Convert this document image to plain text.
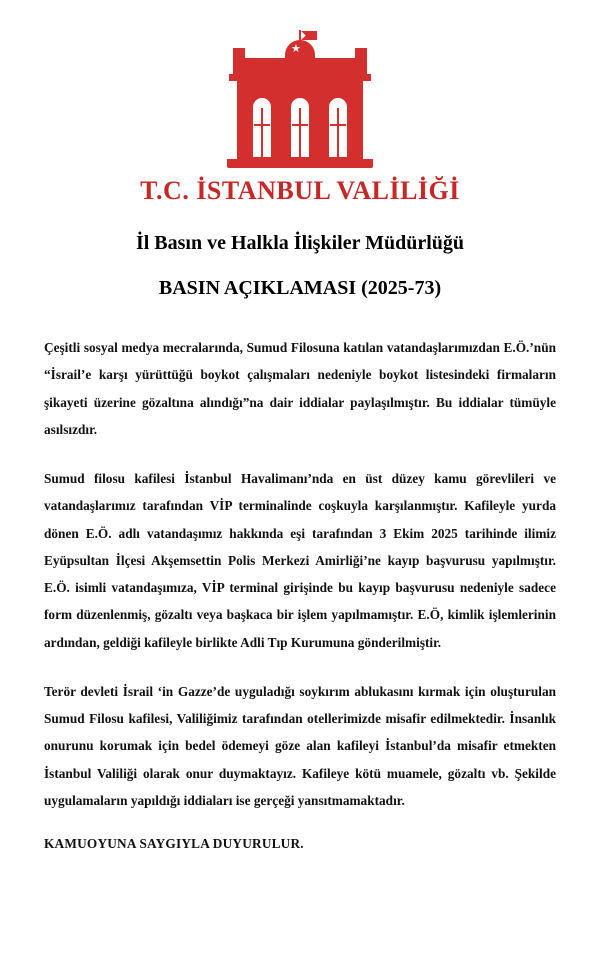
★
T.C. İSTANBUL VALİLİĞİ
İl Basın ve Halkla İlişkiler Müdürlüğü
BASIN AÇIKLAMASI (2025-73)

Çeşitli sosyal medya mecralarında, Sumud Filosuna katılan vatandaşlarımızdan E.Ö.’nün “İsrail’e karşı yürüttüğü boykot çalışmaları nedeniyle boykot listesindeki firmaların şikayeti üzerine gözaltına alındığı”na dair iddialar paylaşılmıştır. Bu iddialar tümüyle asılsızdır.

Sumud filosu kafilesi İstanbul Havalimanı’nda en üst düzey kamu görevlileri ve vatandaşlarımız tarafından VİP terminalinde coşkuyla karşılanmıştır. Kafileyle yurda dönen E.Ö. adlı vatandaşımız hakkında eşi tarafından 3 Ekim 2025 tarihinde ilimiz Eyüpsultan İlçesi Akşemsettin Polis Merkezi Amirliği’ne kayıp başvurusu yapılmıştır. E.Ö. isimli vatandaşımıza, VİP terminal girişinde bu kayıp başvurusu nedeniyle sadece form düzenlenmiş, gözaltı veya başkaca bir işlem yapılmamıştır. E.Ö, kimlik işlemlerinin ardından, geldiği kafileyle birlikte Adli Tıp Kurumuna gönderilmiştir.

Terör devleti İsrail ‘in Gazze’de uyguladığı soykırım ablukasını kırmak için oluşturulan Sumud Filosu kafilesi, Valiliğimiz tarafından otellerimizde misafir edilmektedir. İnsanlık onurunu korumak için bedel ödemeyi göze alan kafileyi İstanbul’da misafir etmekten İstanbul Valiliği olarak onur duymaktayız. Kafileye kötü muamele, gözaltı vb. Şekilde uygulamaların yapıldığı iddiaları ise gerçeği yansıtmamaktadır.

KAMUOYUNA SAYGIYLA DUYURULUR.
